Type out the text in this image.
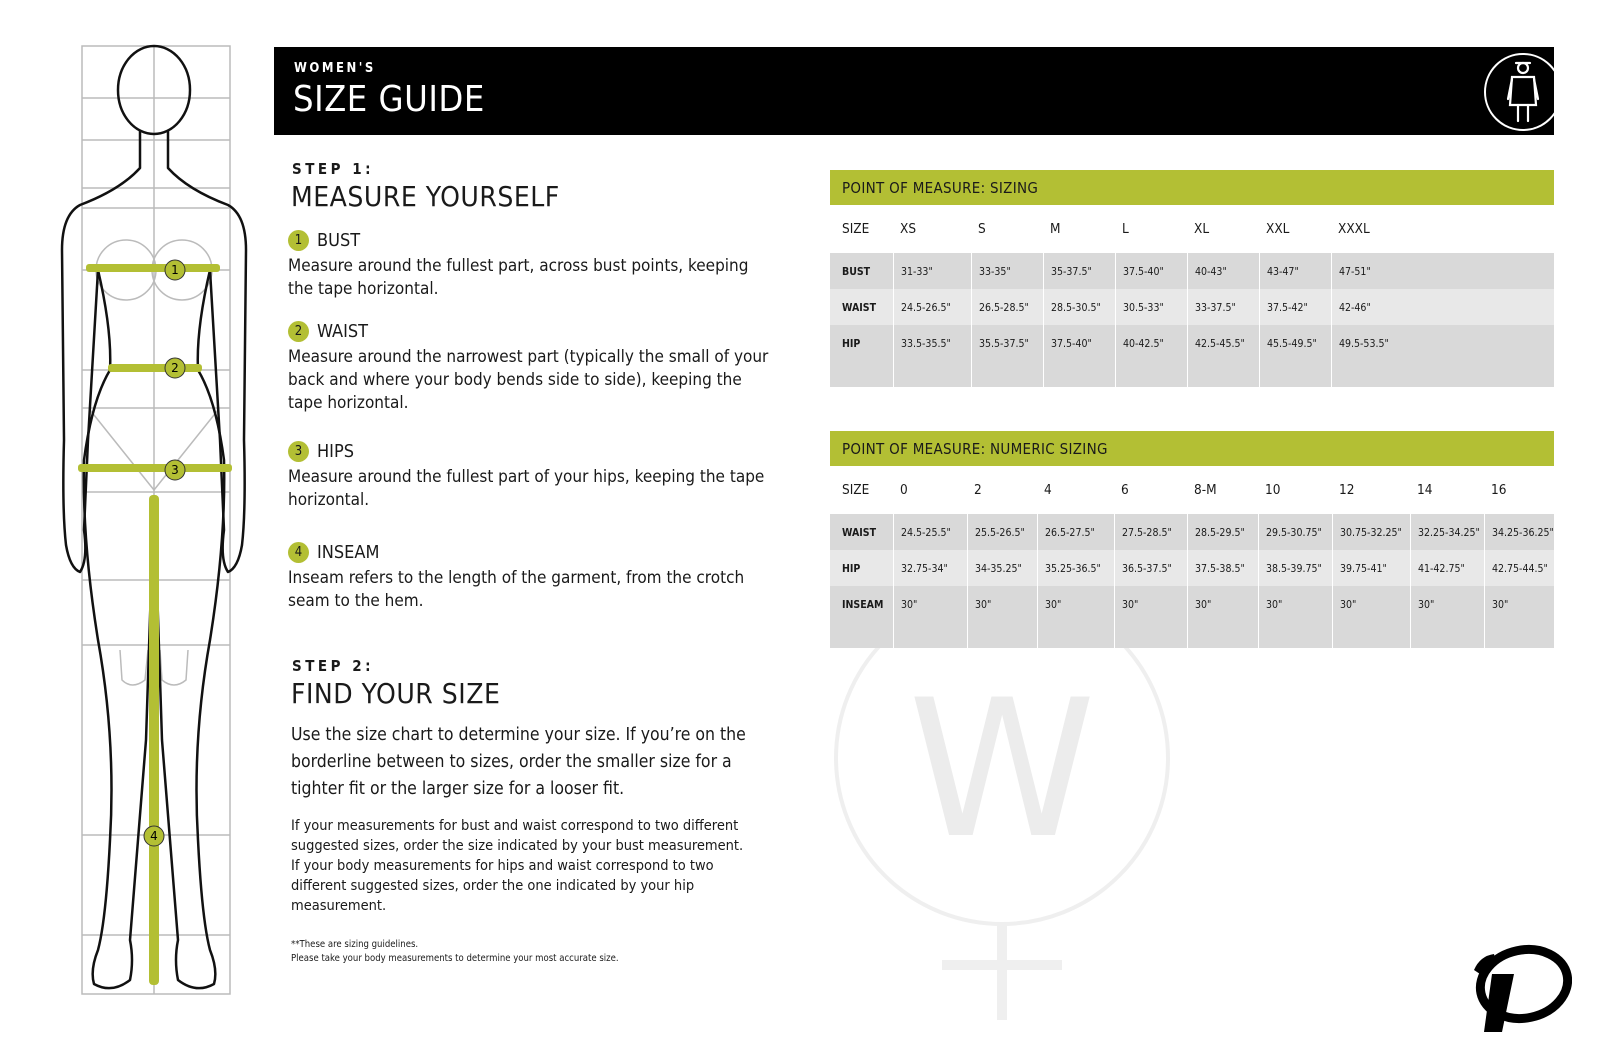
1
2
3
4
WOMEN'S
SIZE GUIDE
STEP 1:
MEASURE YOURSELF
1 BUST
Measure around the fullest part, across bust points, keeping the tape horizontal.
2 WAIST
Measure around the narrowest part (typically the small of your back and where your body bends side to side), keeping the tape horizontal.
3 HIPS
Measure around the fullest part of your hips, keeping the tape horizontal.
4 INSEAM
Inseam refers to the length of the garment, from the crotch seam to the hem.
STEP 2:
FIND YOUR SIZE
Use the size chart to determine your size. If you’re on the borderline between to sizes, order the smaller size for a tighter fit or the larger size for a looser fit.
If your measurements for bust and waist correspond to two different suggested sizes, order the size indicated by your bust measurement. If your body measurements for hips and waist correspond to two different suggested sizes, order the one indicated by your hip measurement.
**These are sizing guidelines.
Please take your body measurements to determine your most accurate size.
W
POINT OF MEASURE: SIZING
SIZE	XS	S	M	L	XL	XXL	XXXL
BUST	31-33"	33-35"	35-37.5"	37.5-40"	40-43"	43-47"	47-51"
WAIST	24.5-26.5"	26.5-28.5"	28.5-30.5"	30.5-33"	33-37.5"	37.5-42"	42-46"
HIP	33.5-35.5"	35.5-37.5"	37.5-40"	40-42.5"	42.5-45.5"	45.5-49.5"	49.5-53.5"
POINT OF MEASURE: NUMERIC SIZING
SIZE	0	2	4	6	8-M	10	12	14	16
WAIST	24.5-25.5"	25.5-26.5"	26.5-27.5"	27.5-28.5"	28.5-29.5"	29.5-30.75"	30.75-32.25"	32.25-34.25"	34.25-36.25"
HIP	32.75-34"	34-35.25"	35.25-36.5"	36.5-37.5"	37.5-38.5"	38.5-39.75"	39.75-41"	41-42.75"	42.75-44.5"
INSEAM	30"	30"	30"	30"	30"	30"	30"	30"	30"
